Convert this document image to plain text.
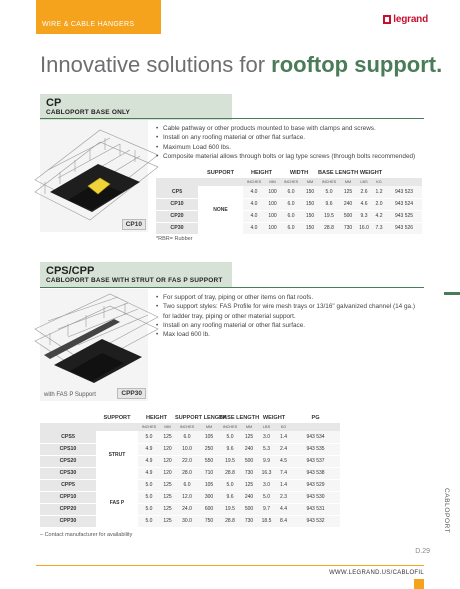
WIRE & CABLE HANGERS	legrand
Innovative solutions for rooftop support.
CP
CABLOPORT BASE ONLY
CP10
*RBR= Rubber
• Cable pathway or other products mounted to base with clamps and screws.
• Install on any roofing material or other flat surface.
• Maximum Load 600 lbs.
• Composite material allows through bolts or lag type screws (through bolts recommended)
	SUPPORT	HEIGHT		WIDTH		BASE LENGTH		WEIGHT		
		INCHES	MM	INCHES	MM	INCHES	MM	LBS	KG	
CP5	NONE	4.0	100	6.0	150	5.0	125	2.6	1.2	943 523
CP10		4.0	100	6.0	150	9.6	240	4.6	2.0	943 524
CP20		4.0	100	6.0	150	19.5	500	9.3	4.2	943 525
CP30		4.0	100	6.0	150	28.8	730	16.0	7.3	943 526
CPS/CPP
CABLOPORT BASE WITH STRUT OR FAS P SUPPORT
with FAS P Support	CPP30
• For support of tray, piping or other items on flat roofs.
• Two support styles: FAS Profile for wire mesh trays or 13/16" galvanized channel (14 ga.) for ladder tray, piping or other material support.
• Install on any roofing material or other flat surface.
• Max load 600 lb.
	SUPPORT	HEIGHT		SUPPORT LENGTH		BASE LENGTH		WEIGHT		PG
		INCHES	MM	INCHES	MM	INCHES	MM	LBS	KG	
CPS5	STRUT	5.0	125	6.0	105	5.0	125	3.0	1.4	943 534
CPS10		4.9	120	10.0	250	9.6	240	5.3	2.4	943 535
CPS20		4.9	120	22.0	550	19.5	500	9.9	4.5	943 537
CPS30		4.9	120	28.0	710	28.8	730	16.3	7.4	943 538
CPP5	FAS P	5.0	125	6.0	105	5.0	125	3.0	1.4	943 529
CPP10		5.0	125	12.0	300	9.6	240	5.0	2.3	943 530
CPP20		5.0	125	24.0	600	19.5	500	9.7	4.4	943 531
CPP30		5.0	125	30.0	750	28.8	730	18.5	8.4	943 532
– Contact manufacturer for availability
CABLOPORT
D.29
WWW.LEGRAND.US/CABLOFIL
